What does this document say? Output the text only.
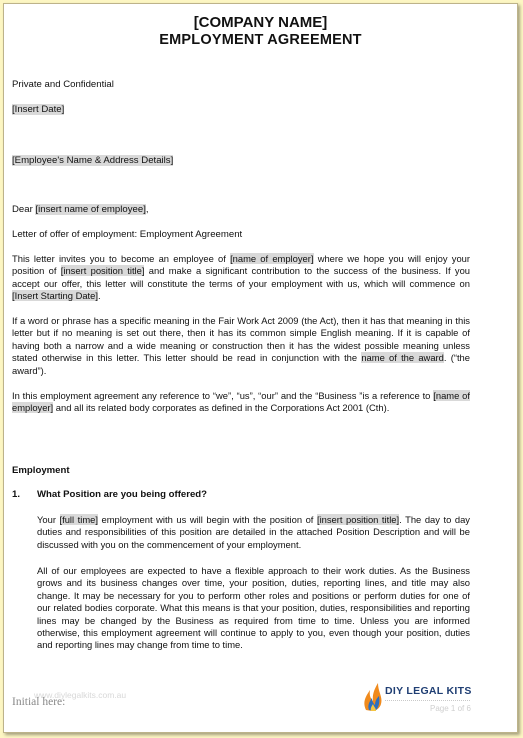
[COMPANY NAME]
EMPLOYMENT AGREEMENT
Private and Confidential
[Insert Date]
[Employee's Name & Address Details]
Dear [insert name of employee],
Letter of offer of employment: Employment Agreement
This letter invites you to become an employee of [name of employer] where we hope you will enjoy your position of [insert position title] and make a significant contribution to the success of the business. If you accept our offer, this letter will constitute the terms of your employment with us, which will commence on [Insert Starting Date].
If a word or phrase has a specific meaning in the Fair Work Act 2009 (the Act), then it has that meaning in this letter but if no meaning is set out there, then it has its common simple English meaning. If it is capable of having both a narrow and a wide meaning or construction then it has the widest possible meaning unless stated otherwise in this letter. This letter should be read in conjunction with the name of the award. (“the award”).
In this employment agreement any reference to “we”, “us”, “our” and the “Business ”is a reference to [name of employer] and all its related body corporates as defined in the Corporations Act 2001 (Cth).
Employment
1. What Position are you being offered?
Your [full time] employment with us will begin with the position of [insert position title]. The day to day duties and responsibilities of this position are detailed in the attached Position Description and will be discussed with you on the commencement of your employment.
All of our employees are expected to have a flexible approach to their work duties. As the Business grows and its business changes over time, your position, duties, reporting lines, and title may also change. It may be necessary for you to perform other roles and positions or perform duties for one of our related bodies corporate. What this means is that your position, duties, responsibilities and reporting lines may be changed by the Business as required from time to time. Unless you are informed otherwise, this employment agreement will continue to apply to you, even though your position, duties and reporting lines may change from time to time.
www.diylegalkits.com.au
Initial here:
DIY LEGAL KITS
Page 1 of 6
